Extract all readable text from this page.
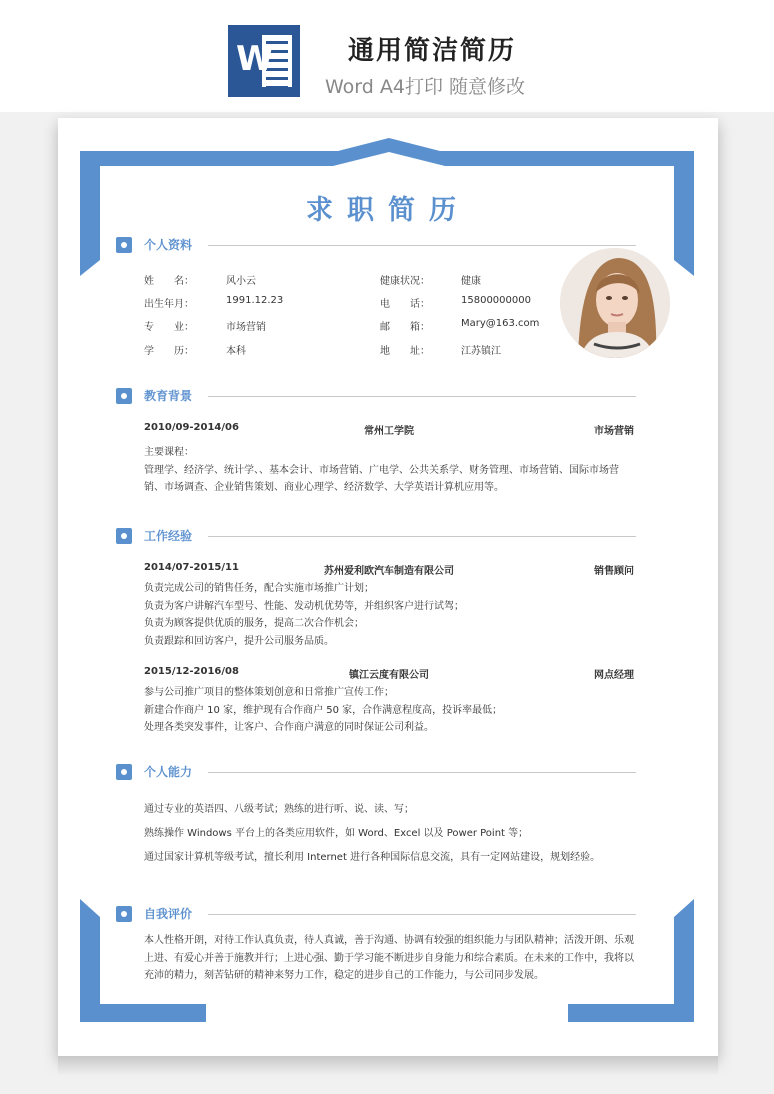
W	通用简洁简历
Word A4打印 随意修改
求职简历
个人资料
姓　　名：	风小云
出生年月：	1991.12.23
专　　业：	市场营销
学　　历：	本科
健康状况：	健康
电　　话：	15800000000
邮　　箱：	Mary@163.com
地　　址：	江苏镇江
教育背景
2010/09-2014/06	常州工学院	市场营销

主要课程：

管理学、经济学、统计学、、基本会计、市场营销、广电学、公共关系学、财务管理、市场营销、国际市场营销、市场调查、企业销售策划、商业心理学、经济数学、大学英语计算机应用等。

工作经验
2014/07-2015/11	苏州爱利欧汽车制造有限公司	销售顾问

负责完成公司的销售任务，配合实施市场推广计划；

负责为客户讲解汽车型号、性能、发动机优势等，并组织客户进行试驾；

负责为顾客提供优质的服务，提高二次合作机会；

负责跟踪和回访客户，提升公司服务品质。

2015/12-2016/08	镇江云度有限公司	网点经理

参与公司推广项目的整体策划创意和日常推广宣传工作；

新建合作商户 10 家，维护现有合作商户 50 家，合作满意程度高，投诉率最低；

处理各类突发事件，让客户、合作商户满意的同时保证公司利益。

个人能力

通过专业的英语四、八级考试；熟练的进行听、说、读、写；

熟练操作 Windows 平台上的各类应用软件，如 Word、Excel 以及 Power Point 等；

通过国家计算机等级考试，擅长利用 Internet 进行各种国际信息交流，具有一定网站建设，规划经验。

自我评价
本人性格开朗，对待工作认真负责，待人真诚，善于沟通、协调有较强的组织能力与团队精神；活泼开朗、乐观上进、有爱心并善于施教并行；上进心强、勤于学习能不断进步自身能力和综合素质。在未来的工作中，我将以充沛的精力，刻苦钻研的精神来努力工作，稳定的进步自己的工作能力，与公司同步发展。
